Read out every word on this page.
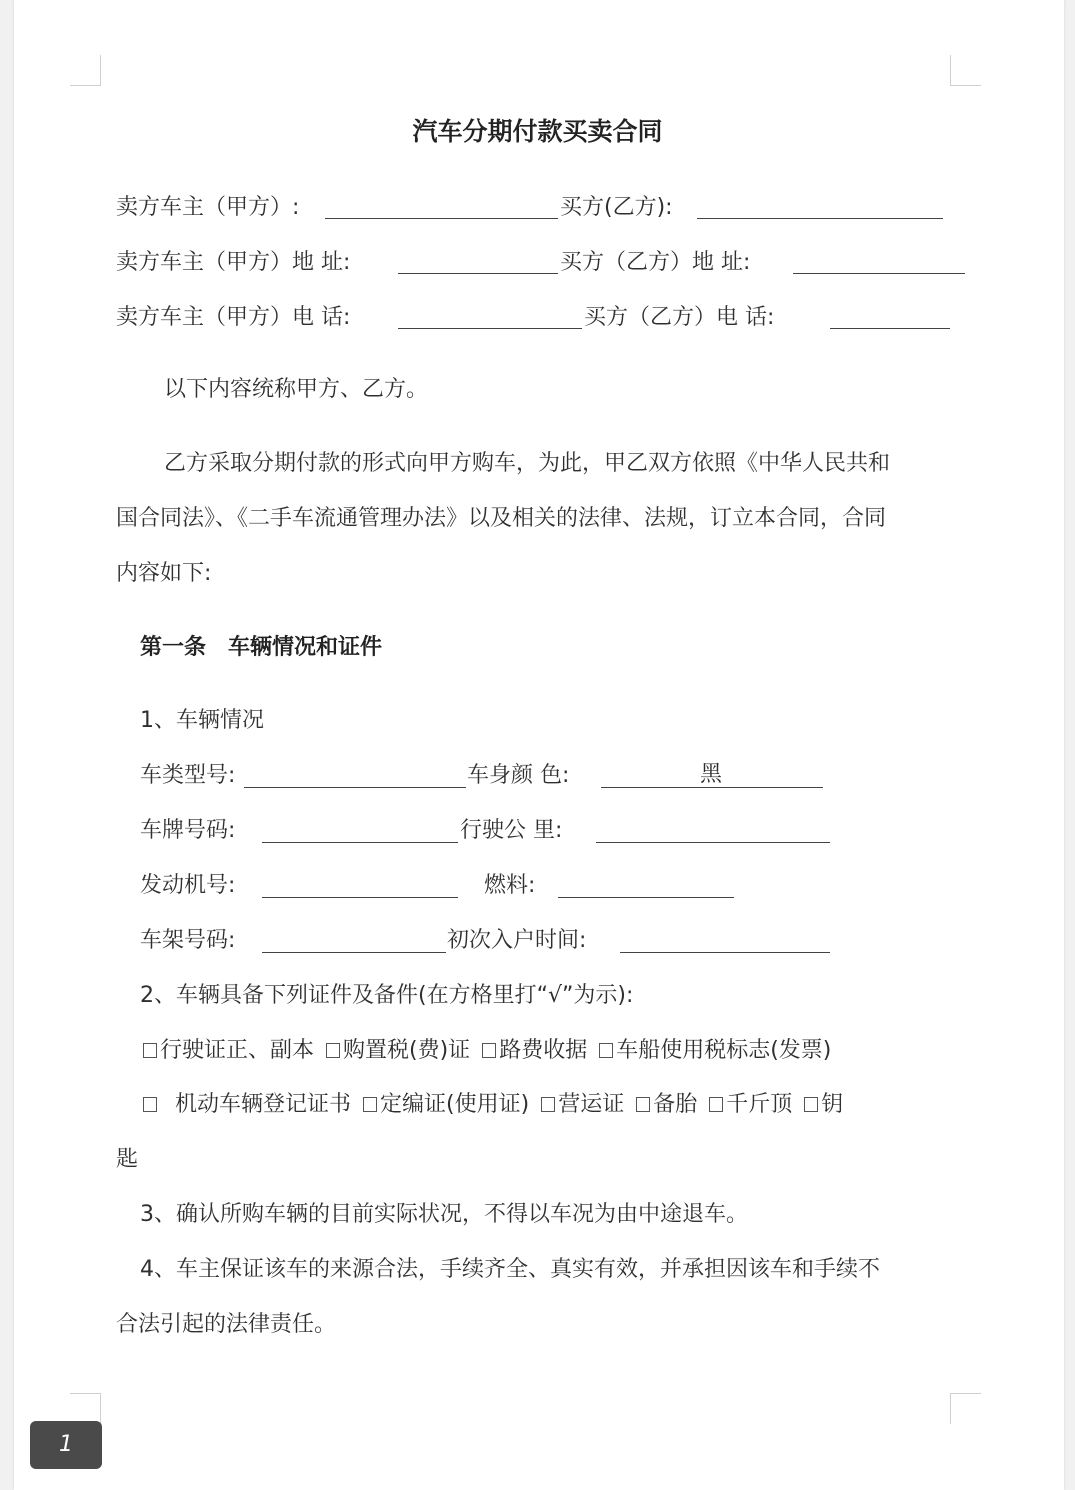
汽车分期付款买卖合同
卖方车主（甲方）:	买方(乙方):
卖方车主（甲方）地 址:	买方（乙方）地 址:
卖方车主（甲方）电 话:	买方（乙方）电 话:
以下内容统称甲方、乙方。
乙方采取分期付款的形式向甲方购车，为此，甲乙双方依照《中华人民共和
国合同法》、《二手车流通管理办法》以及相关的法律、法规，订立本合同，合同
内容如下:
第一条　车辆情况和证件
1、车辆情况
车类型号:	车身颜 色:	黑
车牌号码:	行驶公 里:
发动机号:	燃料:
车架号码:	初次入户时间:
2、车辆具备下列证件及备件(在方格里打“√”为示):
行驶证正、副本 购置税(费)证 路费收据 车船使用税标志(发票)
机动车辆登记证书 定编证(使用证) 营运证 备胎 千斤顶 钥
匙
3、确认所购车辆的目前实际状况，不得以车况为由中途退车。
4、车主保证该车的来源合法，手续齐全、真实有效，并承担因该车和手续不
合法引起的法律责任。
1
